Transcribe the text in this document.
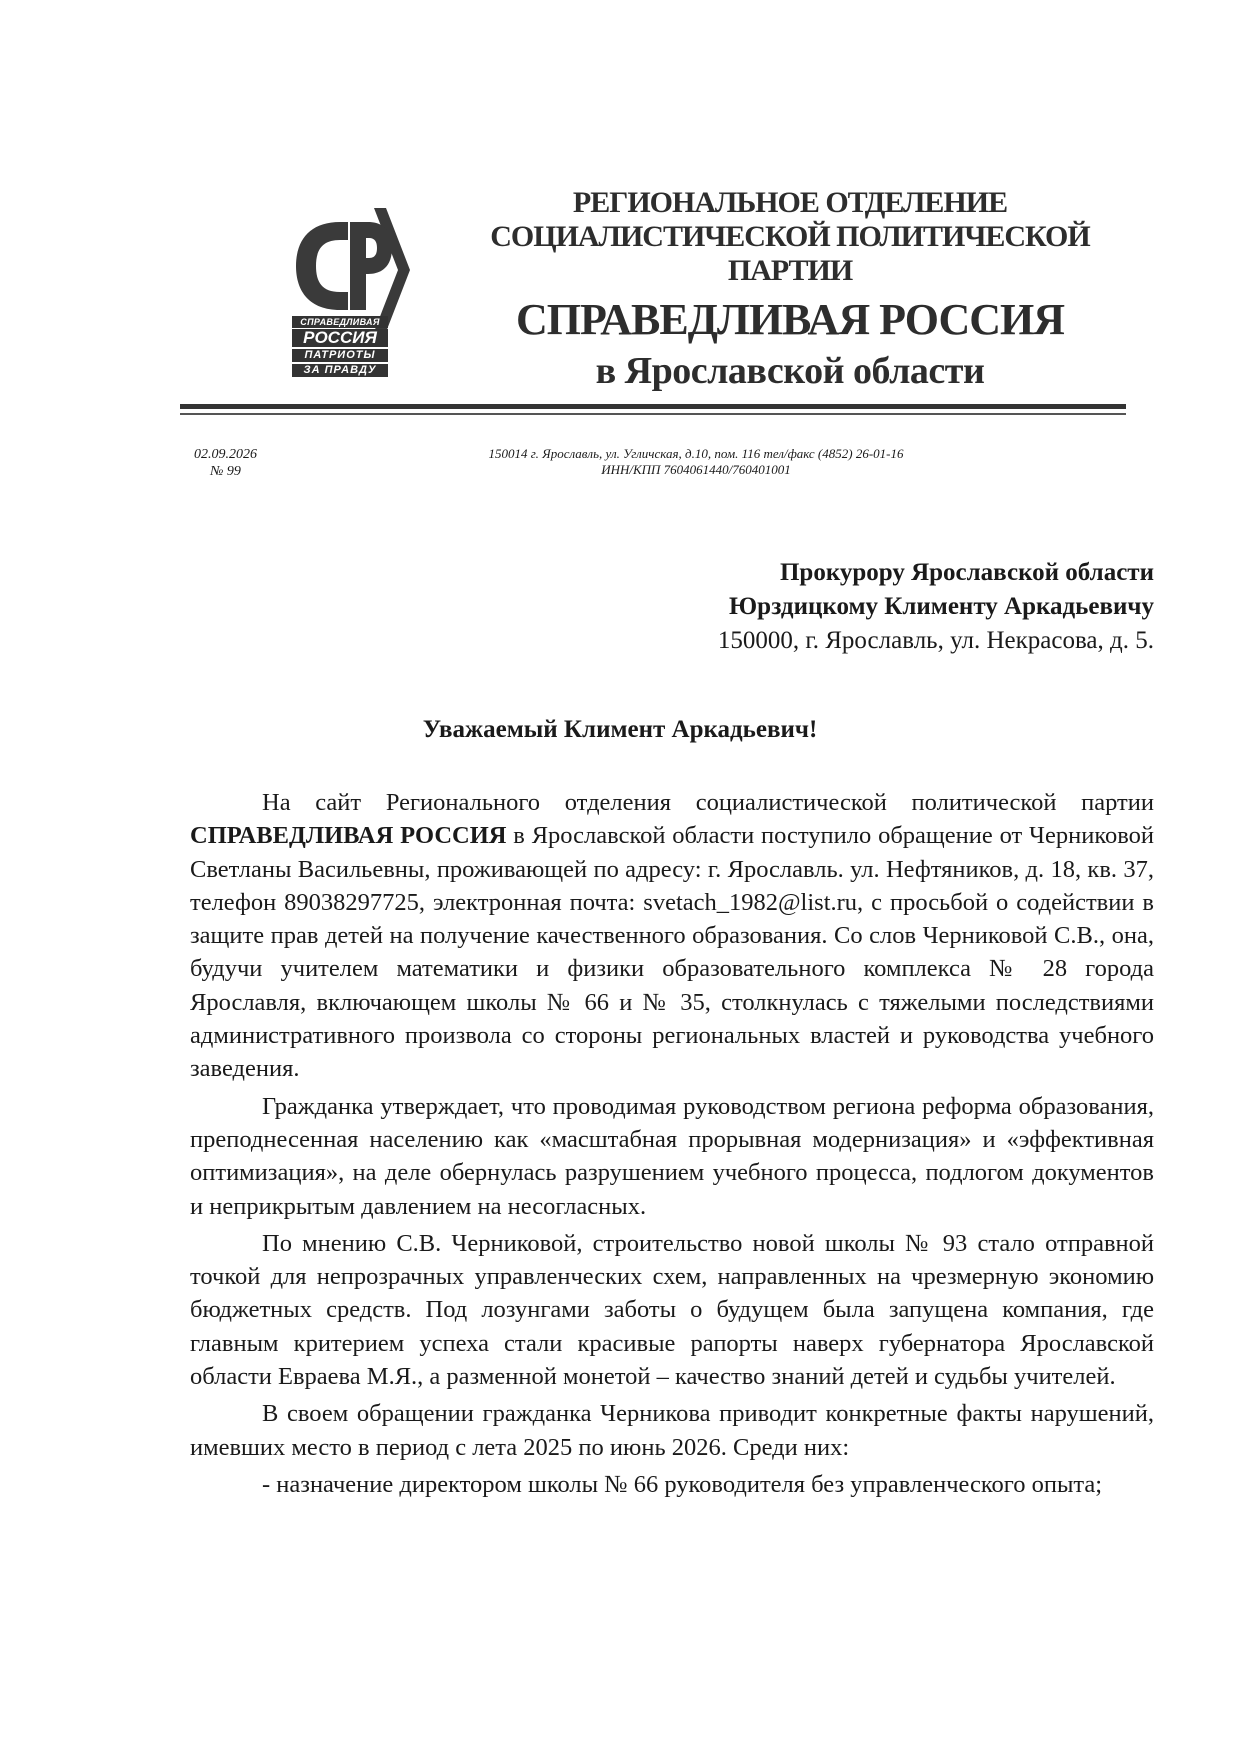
СПРАВЕДЛИВАЯ
РОССИЯ
ПАТРИОТЫ
ЗА ПРАВДУ
РЕГИОНАЛЬНОЕ ОТДЕЛЕНИЕ
СОЦИАЛИСТИЧЕСКОЙ ПОЛИТИЧЕСКОЙ
ПАРТИИ
СПРАВЕДЛИВАЯ РОССИЯ
в Ярославской области
02.09.2026
№ 99
150014 г. Ярославль, ул. Угличская, д.10, пом. 116 тел/факс (4852) 26-01-16
ИНН/КПП 7604061440/760401001
Прокурору Ярославской области
Юрздицкому Клименту Аркадьевичу
150000, г. Ярославль, ул. Некрасова, д. 5.
Уважаемый Климент Аркадьевич!

На сайт Регионального отделения социалистической политической партии СПРАВЕДЛИВАЯ РОССИЯ в Ярославской области поступило обращение от Черниковой Светланы Васильевны, проживающей по адресу: г. Ярославль. ул. Нефтяников, д. 18, кв. 37, телефон 89038297725, электронная почта: svetach_1982@list.ru, с просьбой о содействии в защите прав детей на получение качественного образования. Со слов Черниковой С.В., она, будучи учителем математики и физики образовательного комплекса № 28 города Ярославля, включающем школы № 66 и № 35, столкнулась с тяжелыми последствиями административного произвола со стороны региональных властей и руководства учебного заведения.

Гражданка утверждает, что проводимая руководством региона реформа образования, преподнесенная населению как «масштабная прорывная модернизация» и «эффективная оптимизация», на деле обернулась разрушением учебного процесса, подлогом документов и неприкрытым давлением на несогласных.

По мнению С.В. Черниковой, строительство новой школы № 93 стало отправной точкой для непрозрачных управленческих схем, направленных на чрезмерную экономию бюджетных средств. Под лозунгами заботы о будущем была запущена компания, где главным критерием успеха стали красивые рапорты наверх губернатора Ярославской области Евраева М.Я., а разменной монетой – качество знаний детей и судьбы учителей.

В своем обращении гражданка Черникова приводит конкретные факты нарушений, имевших место в период с лета 2025 по июнь 2026. Среди них:

- назначение директором школы № 66 руководителя без управленческого опыта;
